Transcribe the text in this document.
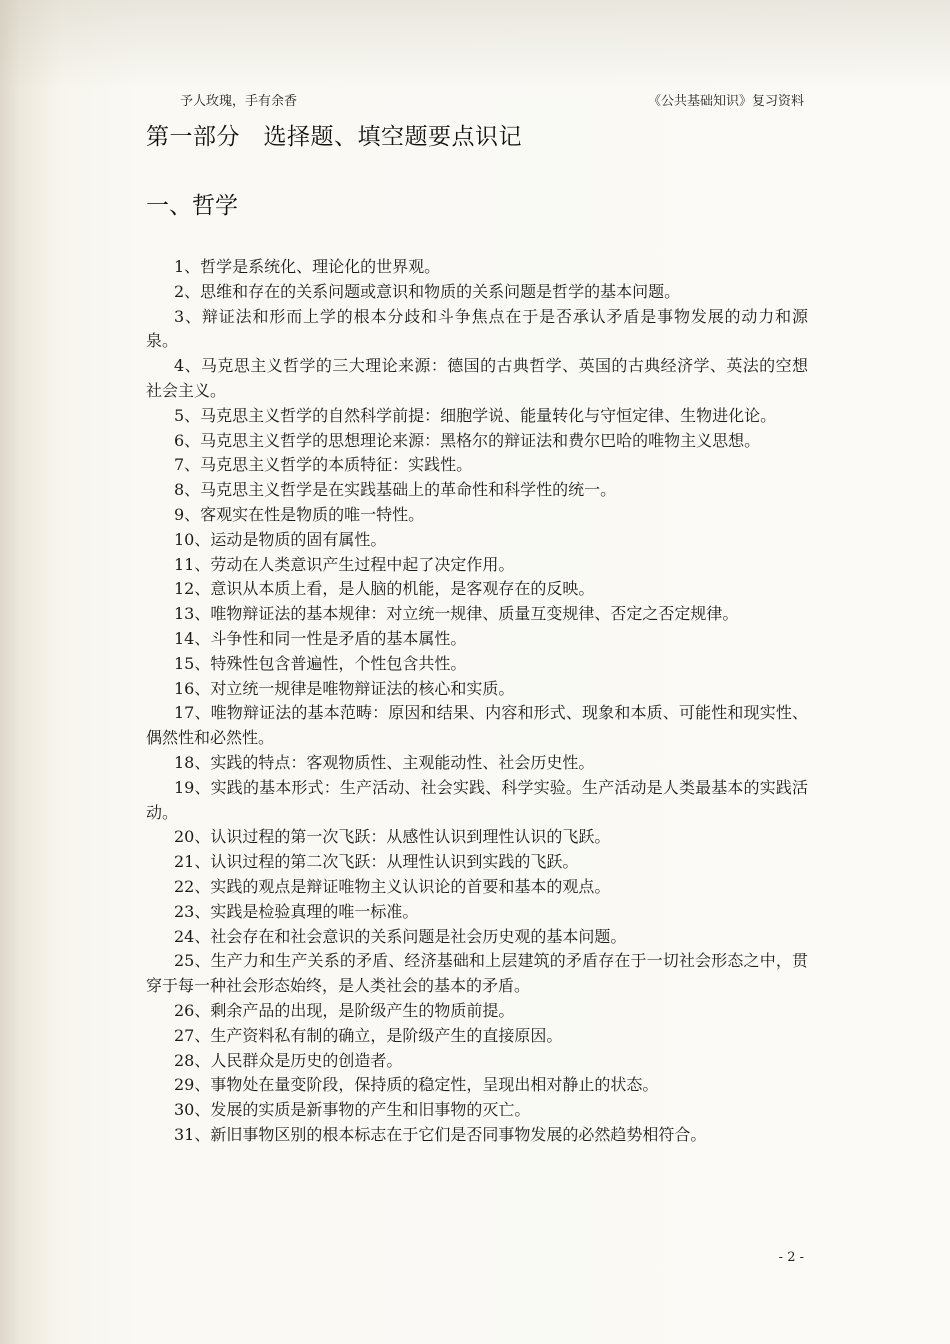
予人玫瑰，手有余香	《公共基础知识》复习资料
第一部分　选择题、填空题要点识记
一、哲学
1、哲学是系统化、理论化的世界观。
2、思维和存在的关系问题或意识和物质的关系问题是哲学的基本问题。
3、辩证法和形而上学的根本分歧和斗争焦点在于是否承认矛盾是事物发展的动力和源泉。
4、马克思主义哲学的三大理论来源：德国的古典哲学、英国的古典经济学、英法的空想社会主义。
5、马克思主义哲学的自然科学前提：细胞学说、能量转化与守恒定律、生物进化论。
6、马克思主义哲学的思想理论来源：黑格尔的辩证法和费尔巴哈的唯物主义思想。
7、马克思主义哲学的本质特征：实践性。
8、马克思主义哲学是在实践基础上的革命性和科学性的统一。
9、客观实在性是物质的唯一特性。
10、运动是物质的固有属性。
11、劳动在人类意识产生过程中起了决定作用。
12、意识从本质上看，是人脑的机能，是客观存在的反映。
13、唯物辩证法的基本规律：对立统一规律、质量互变规律、否定之否定规律。
14、斗争性和同一性是矛盾的基本属性。
15、特殊性包含普遍性，个性包含共性。
16、对立统一规律是唯物辩证法的核心和实质。
17、唯物辩证法的基本范畴：原因和结果、内容和形式、现象和本质、可能性和现实性、偶然性和必然性。
18、实践的特点：客观物质性、主观能动性、社会历史性。
19、实践的基本形式：生产活动、社会实践、科学实验。生产活动是人类最基本的实践活动。
20、认识过程的第一次飞跃：从感性认识到理性认识的飞跃。
21、认识过程的第二次飞跃：从理性认识到实践的飞跃。
22、实践的观点是辩证唯物主义认识论的首要和基本的观点。
23、实践是检验真理的唯一标准。
24、社会存在和社会意识的关系问题是社会历史观的基本问题。
25、生产力和生产关系的矛盾、经济基础和上层建筑的矛盾存在于一切社会形态之中，贯穿于每一种社会形态始终，是人类社会的基本的矛盾。
26、剩余产品的出现，是阶级产生的物质前提。
27、生产资料私有制的确立，是阶级产生的直接原因。
28、人民群众是历史的创造者。
29、事物处在量变阶段，保持质的稳定性，呈现出相对静止的状态。
30、发展的实质是新事物的产生和旧事物的灭亡。
31、新旧事物区别的根本标志在于它们是否同事物发展的必然趋势相符合。
- 2 -
